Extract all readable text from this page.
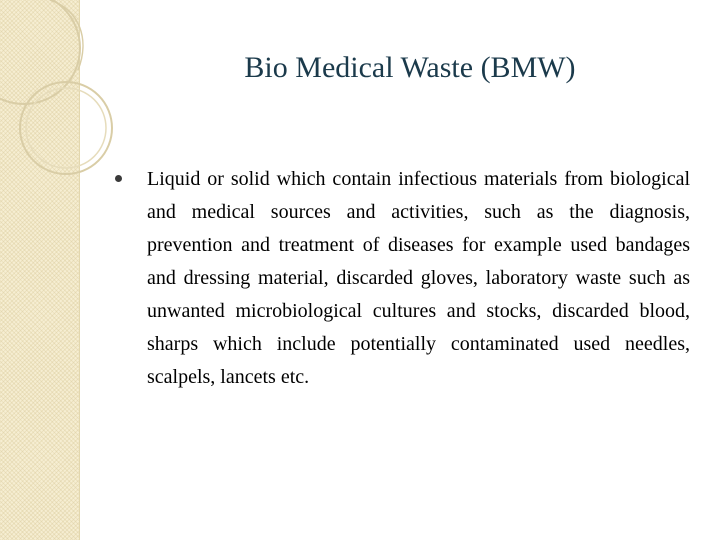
Bio Medical Waste (BMW)
Liquid or solid which contain infectious materials from biological and medical sources and activities, such as the diagnosis, prevention and treatment of diseases for example used bandages and dressing material, discarded gloves, laboratory waste such as unwanted microbiological cultures and stocks, discarded blood, sharps which include potentially contaminated used needles, scalpels, lancets etc.
